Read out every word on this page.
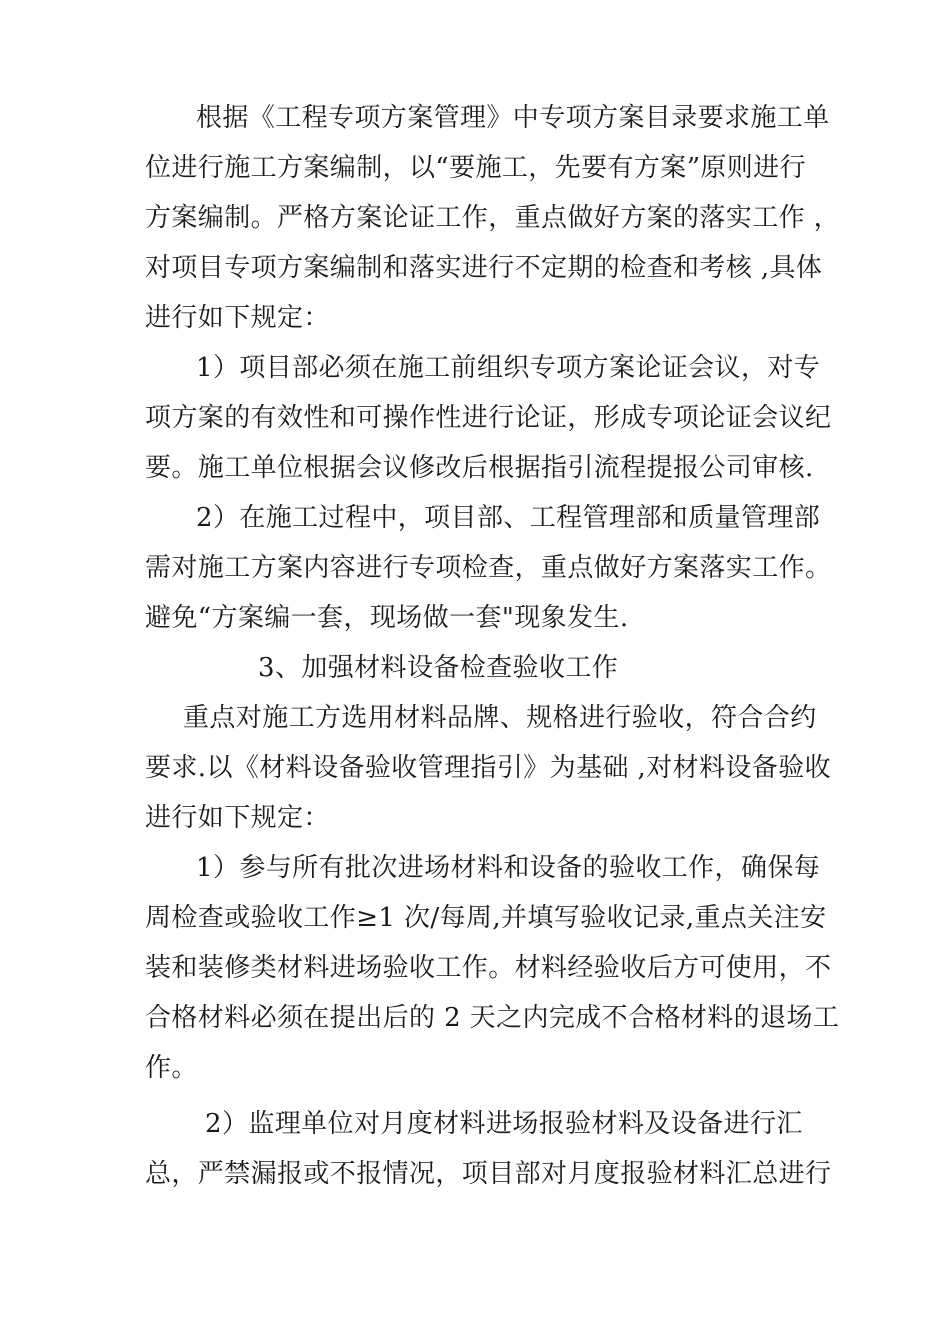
根据《工程专项方案管理》中专项方案目录要求施工单
位进行施工方案编制，以“要施工，先要有方案”原则进行
方案编制。严格方案论证工作，重点做好方案的落实工作 ，
对项目专项方案编制和落实进行不定期的检查和考核 ,具体
进行如下规定：
1）项目部必须在施工前组织专项方案论证会议，对专
项方案的有效性和可操作性进行论证，形成专项论证会议纪
要。施工单位根据会议修改后根据指引流程提报公司审核.
2）在施工过程中，项目部、工程管理部和质量管理部
需对施工方案内容进行专项检查，重点做好方案落实工作。
避免“方案编一套，现场做一套"现象发生.
3、加强材料设备检查验收工作
重点对施工方选用材料品牌、规格进行验收，符合合约
要求.以《材料设备验收管理指引》为基础 ,对材料设备验收
进行如下规定：
1）参与所有批次进场材料和设备的验收工作，确保每
周检查或验收工作≥1 次/每周,并填写验收记录,重点关注安
装和装修类材料进场验收工作。材料经验收后方可使用，不
合格材料必须在提出后的 2 天之内完成不合格材料的退场工
作。
2）监理单位对月度材料进场报验材料及设备进行汇
总，严禁漏报或不报情况，项目部对月度报验材料汇总进行
